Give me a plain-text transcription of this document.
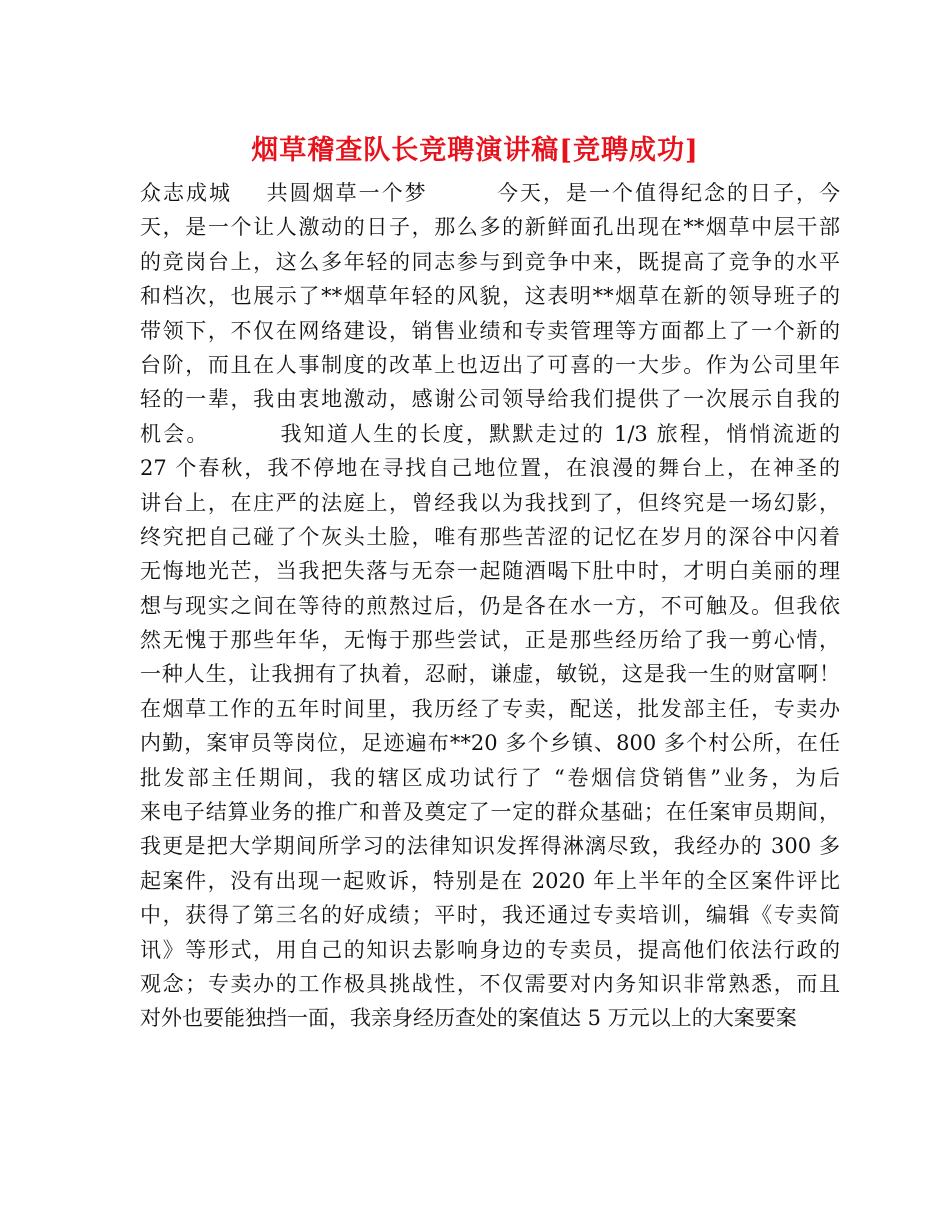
烟草稽查队长竞聘演讲稿[竞聘成功]
众志成城    共圆烟草一个梦        今天，是一个值得纪念的日子，今
天，是一个让人激动的日子，那么多的新鲜面孔出现在**烟草中层干部
的竞岗台上，这么多年轻的同志参与到竞争中来，既提高了竞争的水平
和档次，也展示了**烟草年轻的风貌，这表明**烟草在新的领导班子的
带领下，不仅在网络建设，销售业绩和专卖管理等方面都上了一个新的
台阶，而且在人事制度的改革上也迈出了可喜的一大步。作为公司里年
轻的一辈，我由衷地激动，感谢公司领导给我们提供了一次展示自我的
机会。        我知道人生的长度，默默走过的 1/3 旅程，悄悄流逝的
27 个春秋，我不停地在寻找自己地位置，在浪漫的舞台上，在神圣的
讲台上，在庄严的法庭上，曾经我以为我找到了，但终究是一场幻影，
终究把自己碰了个灰头土脸，唯有那些苦涩的记忆在岁月的深谷中闪着
无悔地光芒，当我把失落与无奈一起随酒喝下肚中时，才明白美丽的理
想与现实之间在等待的煎熬过后，仍是各在水一方，不可触及。但我依
然无愧于那些年华，无悔于那些尝试，正是那些经历给了我一剪心情，
一种人生，让我拥有了执着，忍耐，谦虚，敏锐，这是我一生的财富啊！
在烟草工作的五年时间里，我历经了专卖，配送，批发部主任，专卖办
内勤，案审员等岗位，足迹遍布**20 多个乡镇、800 多个村公所，在任
批发部主任期间，我的辖区成功试行了 “卷烟信贷销售”业务，为后
来电子结算业务的推广和普及奠定了一定的群众基础；在任案审员期间，
我更是把大学期间所学习的法律知识发挥得淋漓尽致，我经办的 300 多
起案件，没有出现一起败诉，特别是在 2020 年上半年的全区案件评比
中，获得了第三名的好成绩；平时，我还通过专卖培训，编辑《专卖简
讯》等形式，用自己的知识去影响身边的专卖员，提高他们依法行政的
观念；专卖办的工作极具挑战性，不仅需要对内务知识非常熟悉，而且
对外也要能独挡一面，我亲身经历查处的案值达 5 万元以上的大案要案
